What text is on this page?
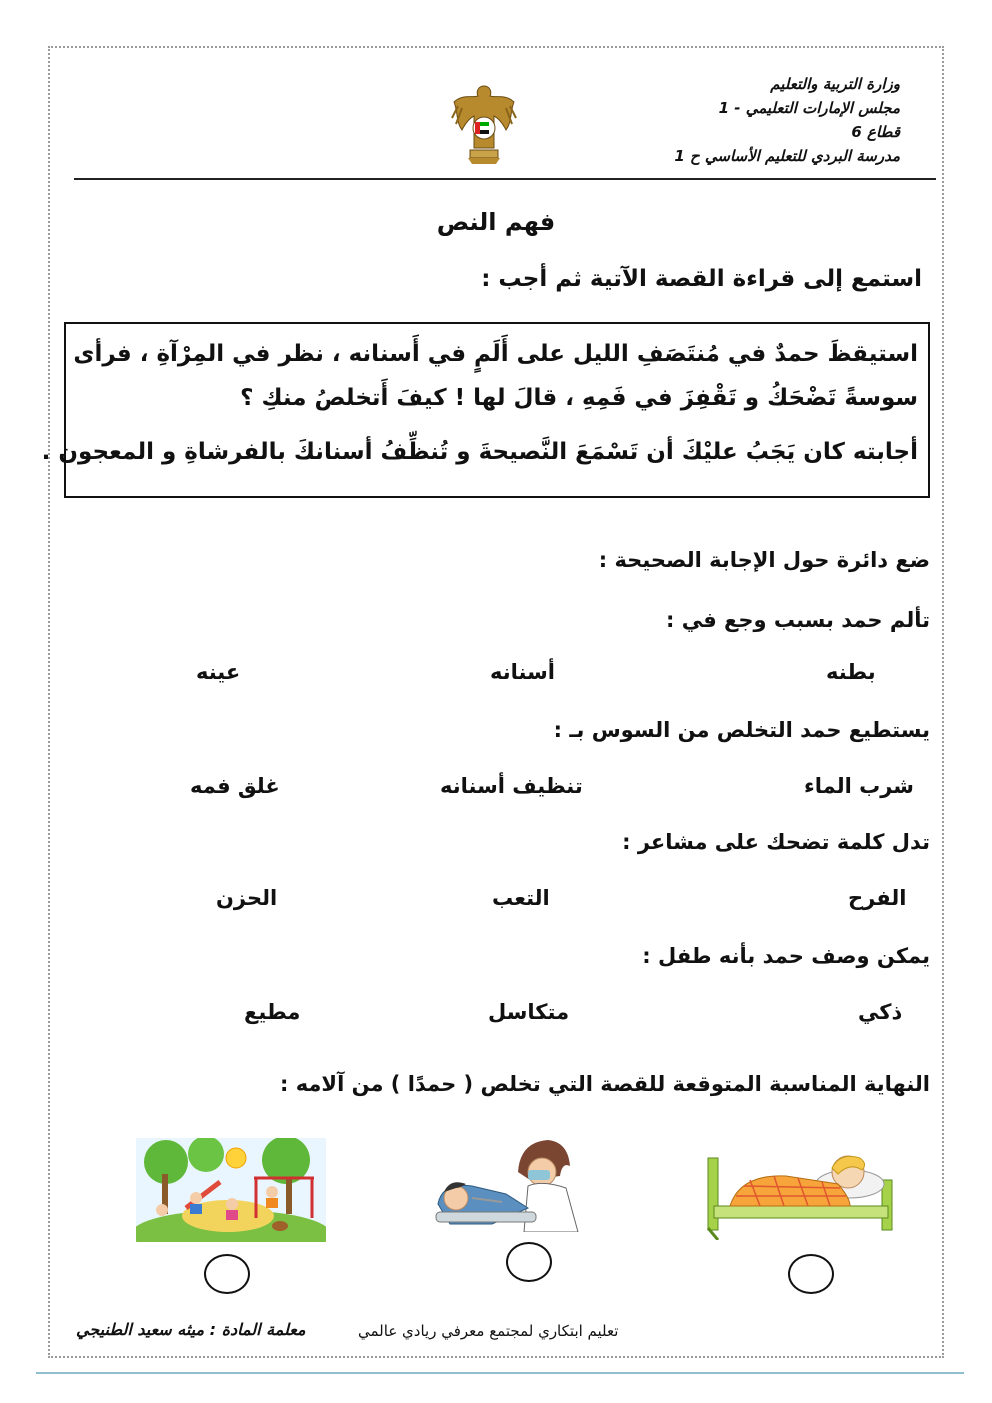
وزارة التربية والتعليم
مجلس الإمارات التعليمي - 1
قطاع 6
مدرسة البردي للتعليم الأساسي ح 1
فهم النص
استمع إلى قراءة القصة الآتية ثم أجب :
استيقظَ حمدٌ في مُنتَصَفِ الليل على أَلَمٍ في أَسنانه ، نظر في المِرْآةِ ، فرأى
سوسةً تَضْحَكُ و تَقْفِزَ في فَمِهِ ، قالَ لها ! كيفَ أَتخلصُ منكِ ؟
أجابته كان يَجَبُ عليْكَ أن تَسْمَعَ النَّصيحةَ و تُنظِّفُ أسنانكَ بالفرشاةِ و المعجون .
ضع دائرة حول الإجابة الصحيحة :
تألم حمد بسبب وجع في :
بطنه
أسنانه
عينه
يستطيع حمد التخلص من السوس بـ :
شرب الماء
تنظيف أسنانه
غلق فمه
تدل كلمة تضحك على مشاعر :
الفرح
التعب
الحزن
يمكن وصف حمد بأنه طفل :
ذكي
متكاسل
مطيع
النهاية المناسبة المتوقعة للقصة التي تخلص ( حمدًا ) من آلامه :
تعليم ابتكاري لمجتمع معرفي ريادي عالمي
معلمة المادة : ميثه سعيد الطنيجي
